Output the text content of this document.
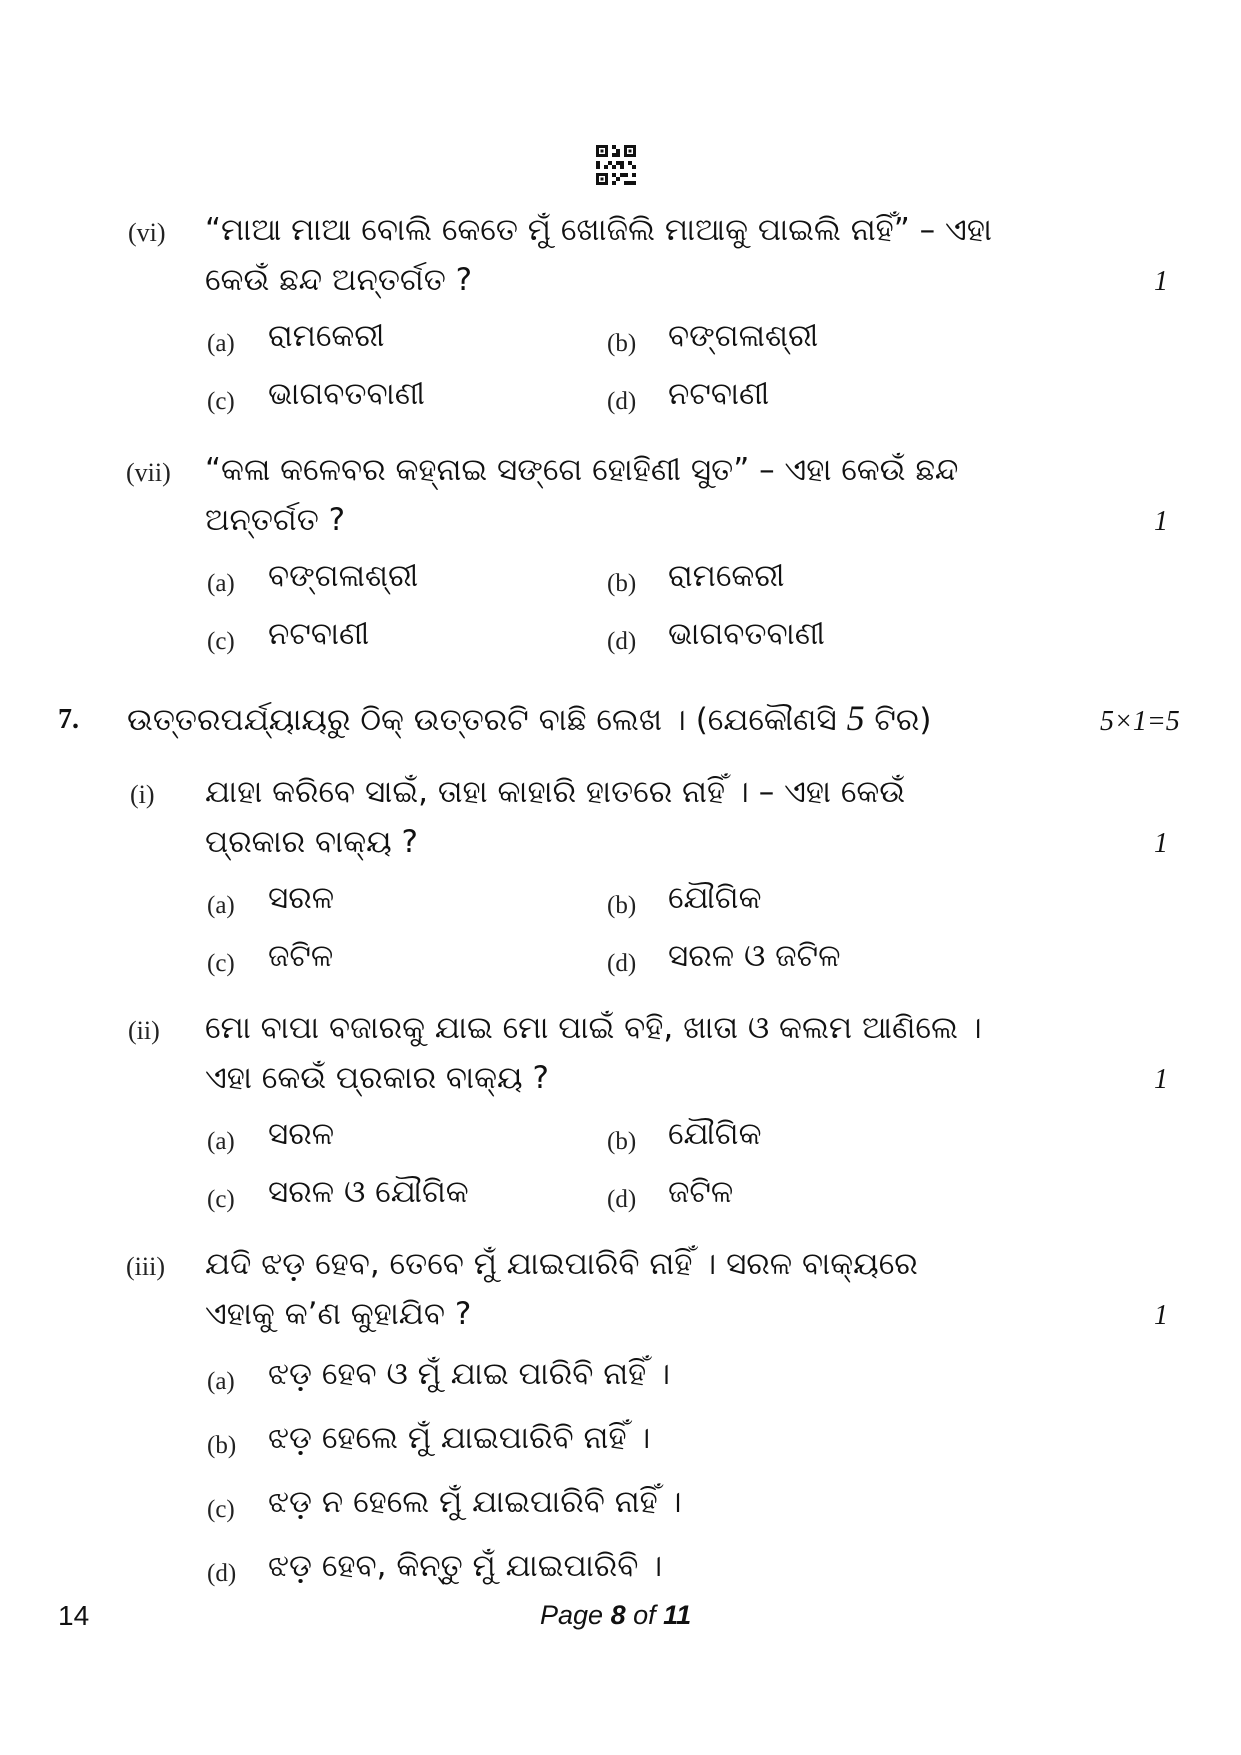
(vi) “ମାଆ ମାଆ ବୋଲି କେତେ ମୁଁ ଖୋଜିଲି ମାଆକୁ ପାଇଲି ନାହିଁ” – ଏହା
କେଉଁ ଛନ୍ଦ ଅନ୍ତର୍ଗତ ?	1
(a) ରାମକେରୀ	(b) ବଙ୍ଗଳାଶ୍ରୀ
(c) ଭାଗବତବାଣୀ	(d) ନଟବାଣୀ
(vii) “କଳା କଳେବର କହ୍ନାଇ ସଙ୍ଗେ ହୋହିଣୀ ସୁତ” – ଏହା କେଉଁ ଛନ୍ଦ
ଅନ୍ତର୍ଗତ ?	1
(a) ବଙ୍ଗଳାଶ୍ରୀ	(b) ରାମକେରୀ
(c) ନଟବାଣୀ	(d) ଭାଗବତବାଣୀ
7. ଉତ୍ତରପର୍ଯ୍ୟାୟରୁ ଠିକ୍ ଉତ୍ତରଟି ବାଛି ଲେଖ । (ଯେକୌଣସି 5 ଟିର)	5×1=5
(i) ଯାହା କରିବେ ସାଇଁ, ତାହା କାହାରି ହାତରେ ନାହିଁ । – ଏହା କେଉଁ
ପ୍ରକାର ବାକ୍ୟ ?	1
(a) ସରଳ	(b) ଯୌଗିକ
(c) ଜଟିଳ	(d) ସରଳ ଓ ଜଟିଳ
(ii) ମୋ ବାପା ବଜାରକୁ ଯାଇ ମୋ ପାଇଁ ବହି, ଖାତା ଓ କଲମ ଆଣିଲେ ।
ଏହା କେଉଁ ପ୍ରକାର ବାକ୍ୟ ?	1
(a) ସରଳ	(b) ଯୌଗିକ
(c) ସରଳ ଓ ଯୌଗିକ	(d) ଜଟିଳ
(iii) ଯଦି ଝଡ଼ ହେବ, ତେବେ ମୁଁ ଯାଇପାରିବି ନାହିଁ । ସରଳ ବାକ୍ୟରେ
ଏହାକୁ କ’ଣ କୁହାଯିବ ?	1
(a) ଝଡ଼ ହେବ ଓ ମୁଁ ଯାଇ ପାରିବି ନାହିଁ ।
(b) ଝଡ଼ ହେଲେ ମୁଁ ଯାଇପାରିବି ନାହିଁ ।
(c) ଝଡ଼ ନ ହେଲେ ମୁଁ ଯାଇପାରିବି ନାହିଁ ।
(d) ଝଡ଼ ହେବ, କିନ୍ତୁ ମୁଁ ଯାଇପାରିବି ।
14	Page 8 of 11
